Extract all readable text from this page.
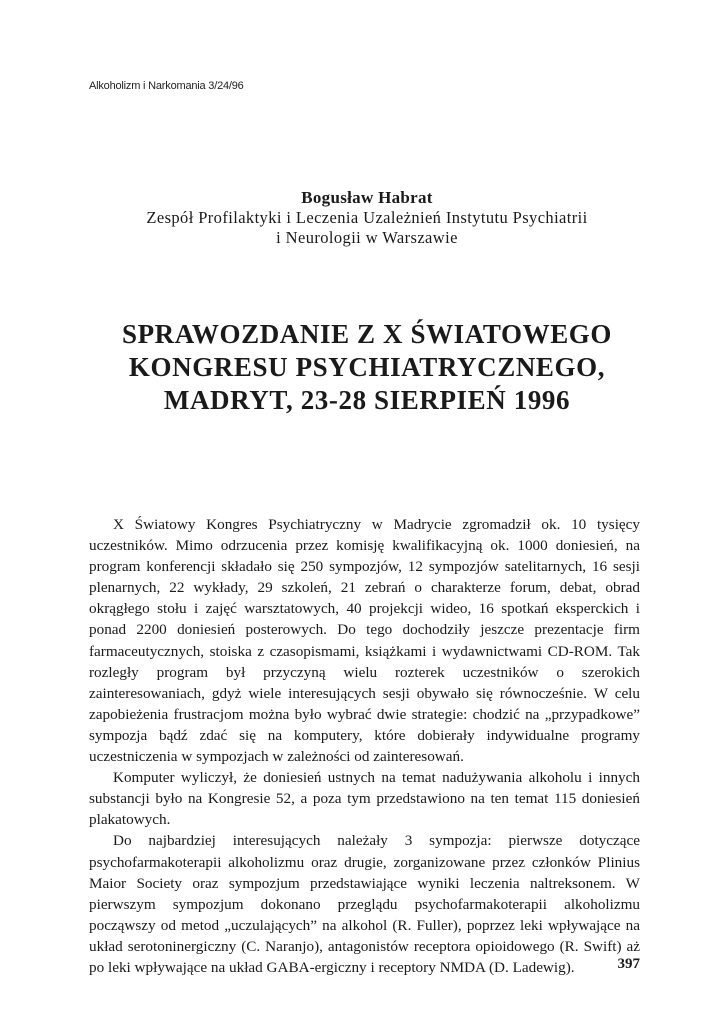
Alkoholizm i Narkomania 3/24/96
Bogusław Habrat
Zespół Profilaktyki i Leczenia Uzależnień Instytutu Psychiatrii
i Neurologii w Warszawie
SPRAWOZDANIE Z X ŚWIATOWEGO
KONGRESU PSYCHIATRYCZNEGO,
MADRYT, 23-28 SIERPIEŃ 1996

X Światowy Kongres Psychiatryczny w Madrycie zgromadził ok. 10 tysięcy uczestników. Mimo odrzucenia przez komisję kwalifikacyjną ok. 1000 doniesień, na program konferencji składało się 250 sympozjów, 12 sympozjów satelitarnych, 16 sesji plenarnych, 22 wykłady, 29 szkoleń, 21 zebrań o charakterze forum, debat, obrad okrągłego stołu i zajęć warsztatowych, 40 projekcji wideo, 16 spotkań eksperckich i ponad 2200 doniesień posterowych. Do tego dochodziły jeszcze prezentacje firm farmaceutycznych, stoiska z czasopismami, książkami i wydawnictwami CD-ROM. Tak rozległy program był przyczyną wielu rozterek uczestników o szerokich zainteresowaniach, gdyż wiele interesujących sesji obywało się równocześnie. W celu zapobieżenia frustracjom można było wybrać dwie strategie: chodzić na „przypadkowe” sympozja bądź zdać się na komputery, które dobierały indywidualne programy uczestniczenia w sympozjach w zależności od zainteresowań.

Komputer wyliczył, że doniesień ustnych na temat nadużywania alkoholu i innych substancji było na Kongresie 52, a poza tym przedstawiono na ten temat 115 doniesień plakatowych.

Do najbardziej interesujących należały 3 sympozja: pierwsze dotyczące psychofarmakoterapii alkoholizmu oraz drugie, zorganizowane przez członków Plinius Maior Society oraz sympozjum przedstawiające wyniki leczenia naltreksonem. W pierwszym sympozjum dokonano przeglądu psychofarmakoterapii alkoholizmu począwszy od metod „uczulających” na alkohol (R. Fuller), poprzez leki wpływające na układ serotoninergiczny (C. Naranjo), antagonistów receptora opioidowego (R. Swift) aż po leki wpływające na układ GABA-ergiczny i receptory NMDA (D. Ladewig).	397
